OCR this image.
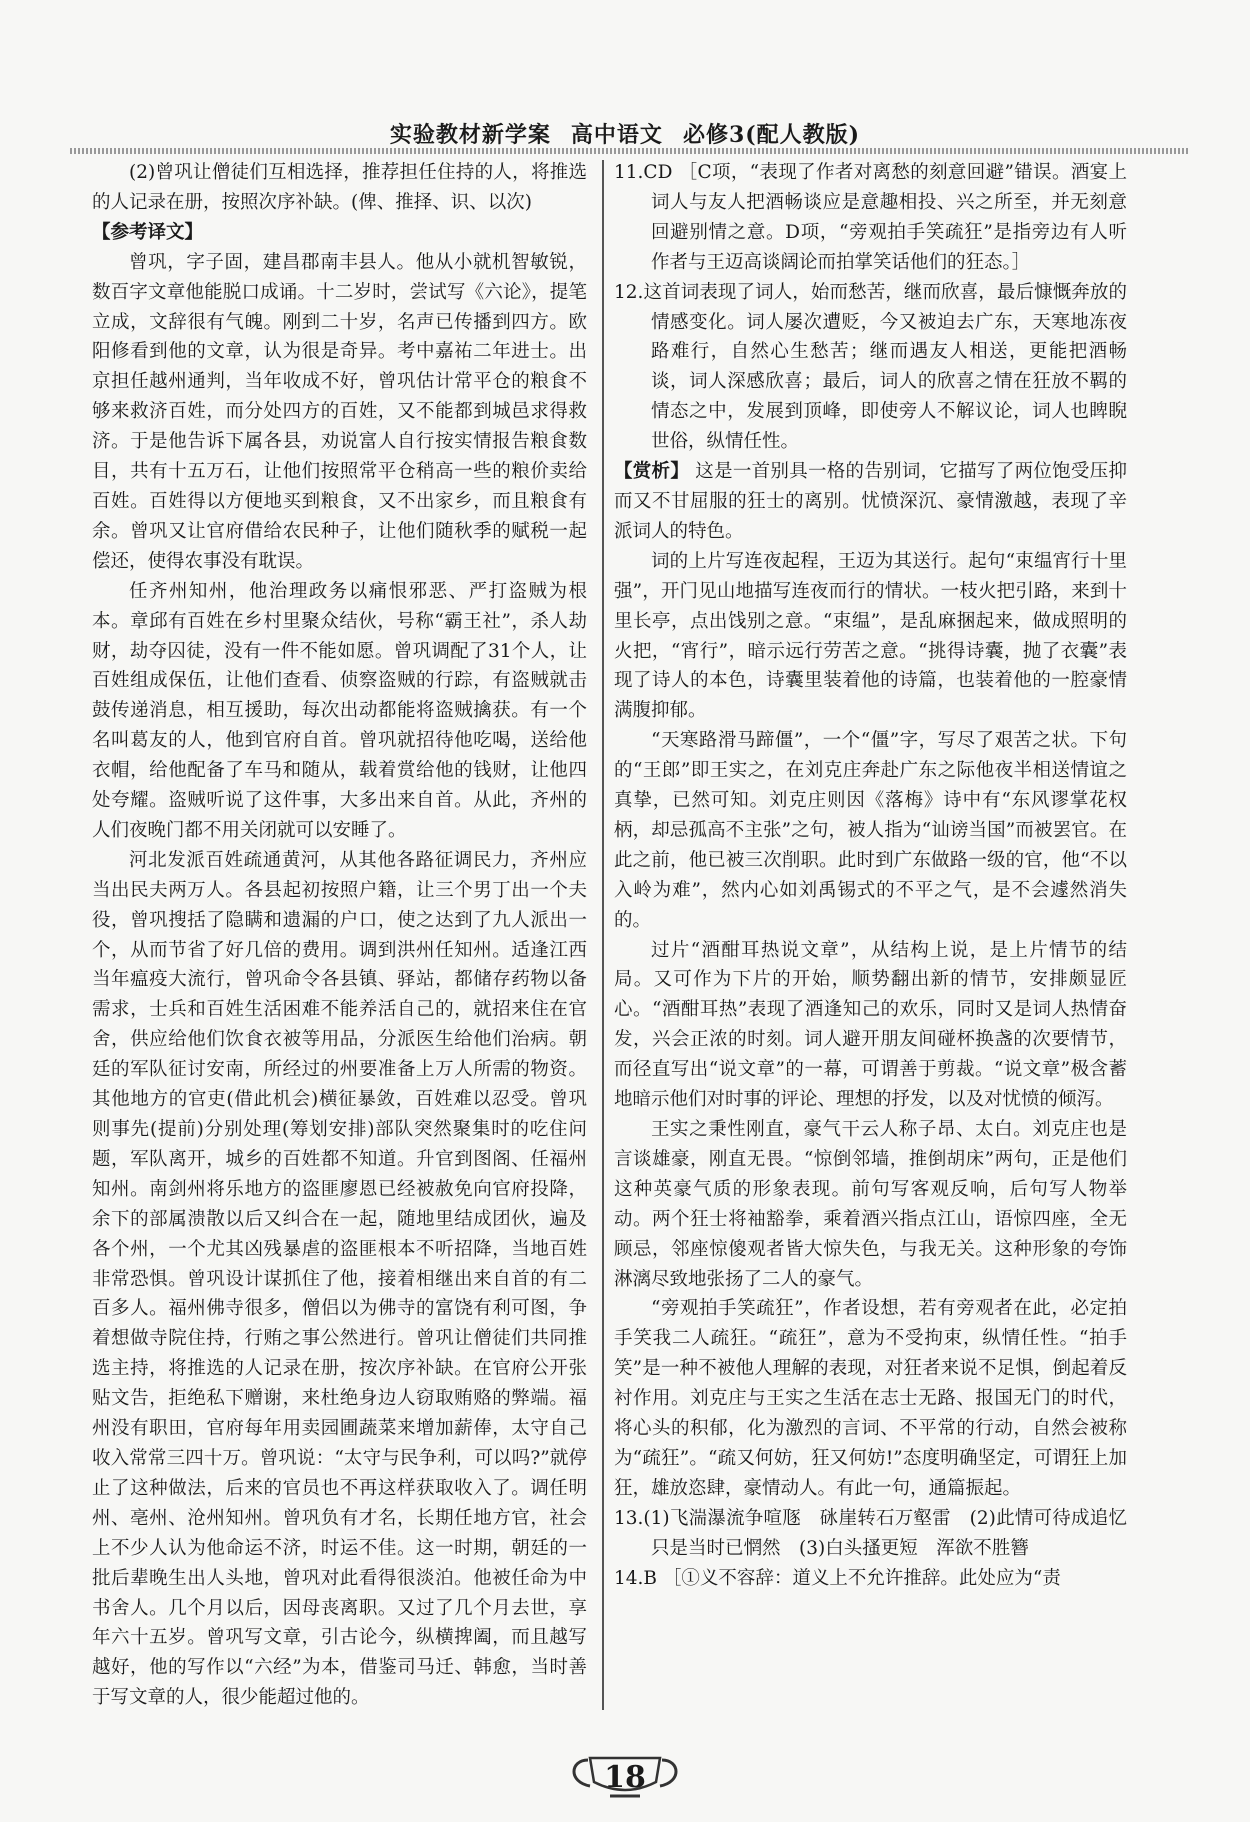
实验教材新学案 高中语文 必修3(配人教版)

(2)曾巩让僧徒们互相选择，推荐担任住持的人，将推选的人记录在册，按照次序补缺。(俾、推择、识、以次)

【参考译文】

曾巩，字子固，建昌郡南丰县人。他从小就机智敏锐，数百字文章他能脱口成诵。十二岁时，尝试写《六论》，提笔立成，文辞很有气魄。刚到二十岁，名声已传播到四方。欧阳修看到他的文章，认为很是奇异。考中嘉祐二年进士。出京担任越州通判，当年收成不好，曾巩估计常平仓的粮食不够来救济百姓，而分处四方的百姓，又不能都到城邑求得救济。于是他告诉下属各县，劝说富人自行按实情报告粮食数目，共有十五万石，让他们按照常平仓稍高一些的粮价卖给百姓。百姓得以方便地买到粮食，又不出家乡，而且粮食有余。曾巩又让官府借给农民种子，让他们随秋季的赋税一起偿还，使得农事没有耽误。

任齐州知州，他治理政务以痛恨邪恶、严打盗贼为根本。章邱有百姓在乡村里聚众结伙，号称“霸王社”，杀人劫财，劫夺囚徒，没有一件不能如愿。曾巩调配了31个人，让百姓组成保伍，让他们查看、侦察盗贼的行踪，有盗贼就击鼓传递消息，相互援助，每次出动都能将盗贼擒获。有一个名叫葛友的人，他到官府自首。曾巩就招待他吃喝，送给他衣帽，给他配备了车马和随从，载着赏给他的钱财，让他四处夸耀。盗贼听说了这件事，大多出来自首。从此，齐州的人们夜晚门都不用关闭就可以安睡了。

河北发派百姓疏通黄河，从其他各路征调民力，齐州应当出民夫两万人。各县起初按照户籍，让三个男丁出一个夫役，曾巩搜括了隐瞒和遗漏的户口，使之达到了九人派出一个，从而节省了好几倍的费用。调到洪州任知州。适逢江西当年瘟疫大流行，曾巩命令各县镇、驿站，都储存药物以备需求，士兵和百姓生活困难不能养活自己的，就招来住在官舍，供应给他们饮食衣被等用品，分派医生给他们治病。朝廷的军队征讨安南，所经过的州要准备上万人所需的物资。其他地方的官吏(借此机会)横征暴敛，百姓难以忍受。曾巩则事先(提前)分别处理(筹划安排)部队突然聚集时的吃住问题，军队离开，城乡的百姓都不知道。升官到图阁、任福州知州。南剑州将乐地方的盗匪廖恩已经被赦免向官府投降，余下的部属溃散以后又纠合在一起，随地里结成团伙，遍及各个州，一个尤其凶残暴虐的盗匪根本不听招降，当地百姓非常恐惧。曾巩设计谋抓住了他，接着相继出来自首的有二百多人。福州佛寺很多，僧侣以为佛寺的富饶有利可图，争着想做寺院住持，行贿之事公然进行。曾巩让僧徒们共同推选主持，将推选的人记录在册，按次序补缺。在官府公开张贴文告，拒绝私下赠谢，来杜绝身边人窃取贿赂的弊端。福州没有职田，官府每年用卖园圃蔬菜来增加薪俸，太守自己收入常常三四十万。曾巩说：“太守与民争利，可以吗?”就停止了这种做法，后来的官员也不再这样获取收入了。调任明州、亳州、沧州知州。曾巩负有才名，长期任地方官，社会上不少人认为他命运不济，时运不佳。这一时期，朝廷的一批后辈晚生出人头地，曾巩对此看得很淡泊。他被任命为中书舍人。几个月以后，因母丧离职。又过了几个月去世，享年六十五岁。曾巩写文章，引古论今，纵横捭阖，而且越写越好，他的写作以“六经”为本，借鉴司马迁、韩愈，当时善于写文章的人，很少能超过他的。

11.CD ［C项，“表现了作者对离愁的刻意回避”错误。酒宴上词人与友人把酒畅谈应是意趣相投、兴之所至，并无刻意回避别情之意。D项，“旁观拍手笑疏狂”是指旁边有人听作者与王迈高谈阔论而拍掌笑话他们的狂态。］

12.这首词表现了词人，始而愁苦，继而欣喜，最后慷慨奔放的情感变化。词人屡次遭贬，今又被迫去广东，天寒地冻夜路难行，自然心生愁苦；继而遇友人相送，更能把酒畅谈，词人深感欣喜；最后，词人的欣喜之情在狂放不羁的情态之中，发展到顶峰，即使旁人不解议论，词人也睥睨世俗，纵情任性。

【赏析】 这是一首别具一格的告别词，它描写了两位饱受压抑而又不甘屈服的狂士的离别。忧愤深沉、豪情激越，表现了辛派词人的特色。

词的上片写连夜起程，王迈为其送行。起句“束缊宵行十里强”，开门见山地描写连夜而行的情状。一枝火把引路，来到十里长亭，点出饯别之意。“束缊”，是乱麻捆起来，做成照明的火把，“宵行”，暗示远行劳苦之意。“挑得诗囊，抛了衣囊”表现了诗人的本色，诗囊里装着他的诗篇，也装着他的一腔豪情满腹抑郁。

“天寒路滑马蹄僵”，一个“僵”字，写尽了艰苦之状。下句的“王郎”即王实之，在刘克庄奔赴广东之际他夜半相送情谊之真挚，已然可知。刘克庄则因《落梅》诗中有“东风谬掌花权柄，却忌孤高不主张”之句，被人指为“讪谤当国”而被罢官。在此之前，他已被三次削职。此时到广东做路一级的官，他“不以入岭为难”，然内心如刘禹锡式的不平之气，是不会遽然消失的。

过片“酒酣耳热说文章”，从结构上说，是上片情节的结局。又可作为下片的开始，顺势翻出新的情节，安排颇显匠心。“酒酣耳热”表现了酒逢知己的欢乐，同时又是词人热情奋发，兴会正浓的时刻。词人避开朋友间碰杯换盏的次要情节，而径直写出“说文章”的一幕，可谓善于剪裁。“说文章”极含蓄地暗示他们对时事的评论、理想的抒发，以及对忧愤的倾泻。

王实之秉性刚直，豪气干云人称子昂、太白。刘克庄也是言谈雄豪，刚直无畏。“惊倒邻墙，推倒胡床”两句，正是他们这种英豪气质的形象表现。前句写客观反响，后句写人物举动。两个狂士将袖豁拳，乘着酒兴指点江山，语惊四座，全无顾忌，邻座惊傻观者皆大惊失色，与我无关。这种形象的夸饰淋漓尽致地张扬了二人的豪气。

“旁观拍手笑疏狂”，作者设想，若有旁观者在此，必定拍手笑我二人疏狂。“疏狂”，意为不受拘束，纵情任性。“拍手笑”是一种不被他人理解的表现，对狂者来说不足惧，倒起着反衬作用。刘克庄与王实之生活在志士无路、报国无门的时代，将心头的积郁，化为激烈的言词、不平常的行动，自然会被称为“疏狂”。“疏又何妨，狂又何妨!”态度明确坚定，可谓狂上加狂，雄放恣肆，豪情动人。有此一句，通篇振起。

13.(1)飞湍瀑流争喧豗　砯崖转石万壑雷　(2)此情可待成追忆　只是当时已惘然　(3)白头搔更短　浑欲不胜簪

14.B ［①义不容辞：道义上不允许推辞。此处应为“责

18
